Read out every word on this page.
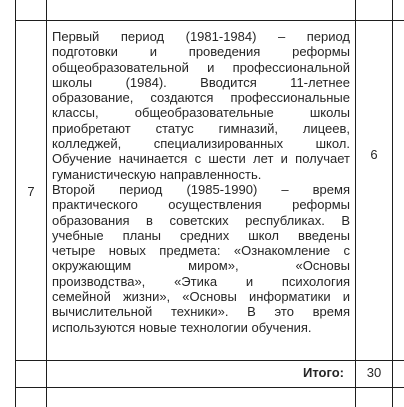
7
Первый период (1981-1984) – период
подготовки и проведения реформы
общеобразовательной и профессиональной
школы (1984). Вводится 11-летнее
образование, создаются профессиональные
классы, общеобразовательные школы
приобретают статус гимназий, лицеев,
колледжей, специализированных школ.
Обучение начинается с шести лет и получает
гуманистическую направленность.
Второй период (1985-1990) – время
практического осуществления реформы
образования в советских республиках. В
учебные планы средних школ введены
четыре новых предмета: «Ознакомление с
окружающим миром», «Основы
производства», «Этика и психология
семейной жизни», «Основы информатики и
вычислительной техники». В это время
используются новые технологии обучения.
6
Итого:	30
